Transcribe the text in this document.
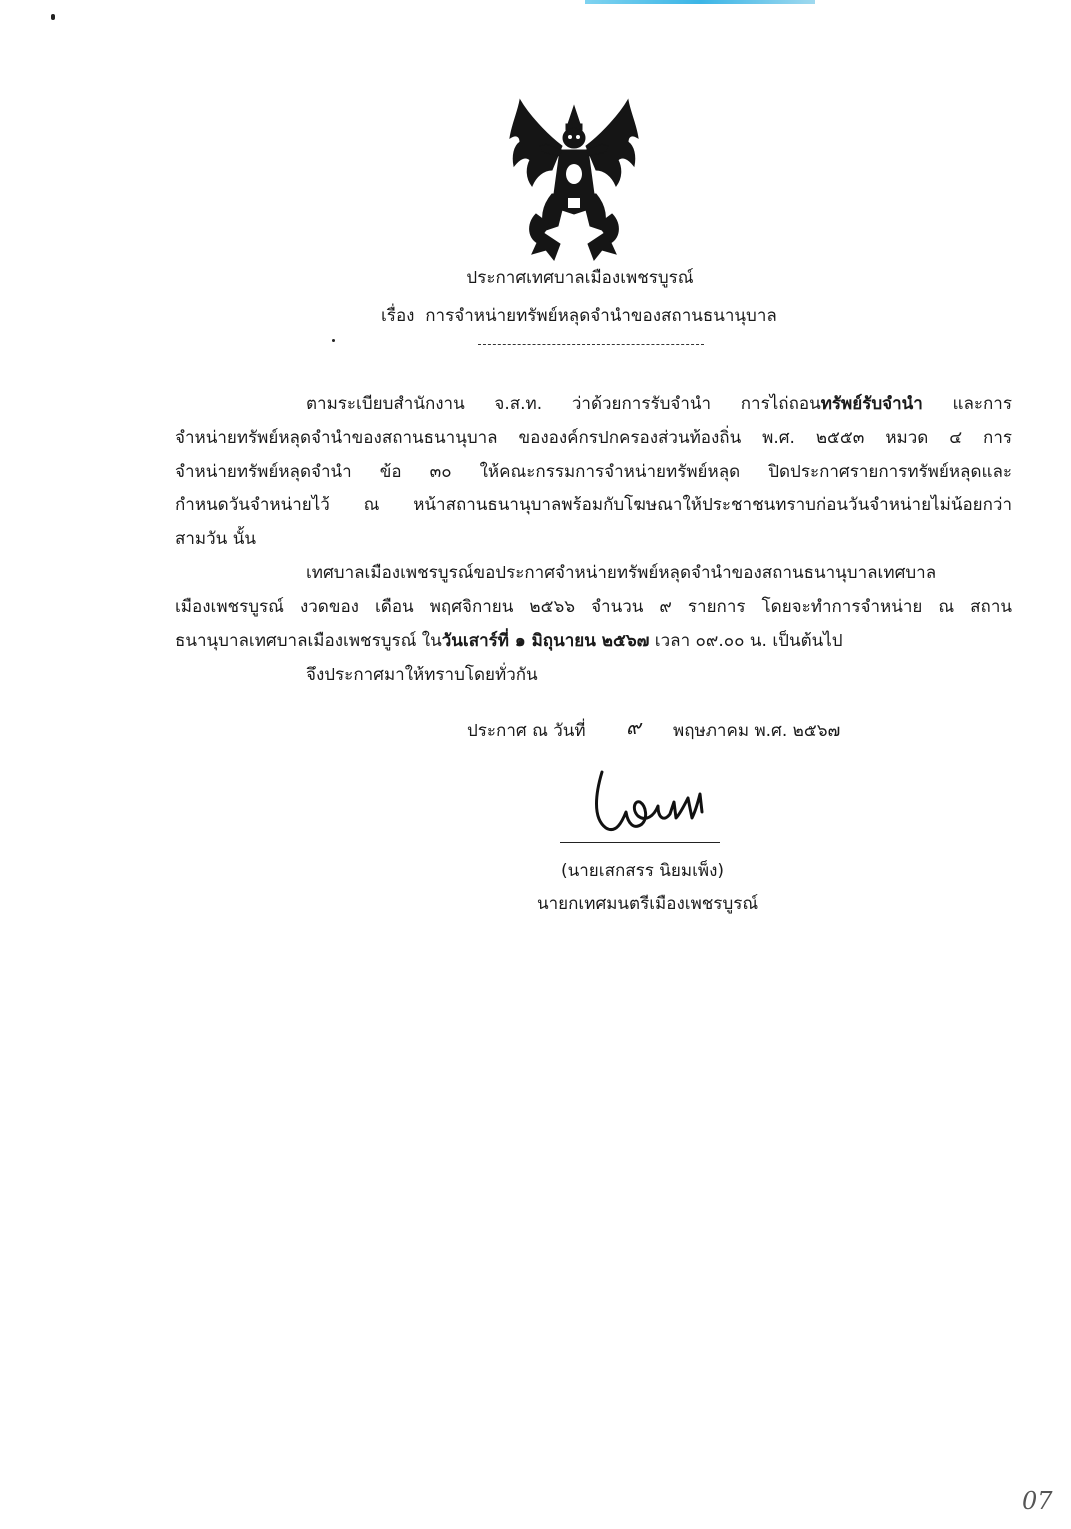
ประกาศเทศบาลเมืองเพชรบูรณ์
เรื่อง การจำหน่ายทรัพย์หลุดจำนำของสถานธนานุบาล
ตามระเบียบสำนักงาน จ.ส.ท. ว่าด้วยการรับจำนำ การไถ่ถอนทรัพย์รับจำนำ และการ
จำหน่ายทรัพย์หลุดจำนำของสถานธนานุบาล ขององค์กรปกครองส่วนท้องถิ่น พ.ศ. ๒๕๕๓ หมวด ๔ การ
จำหน่ายทรัพย์หลุดจำนำ ข้อ ๓๐ ให้คณะกรรมการจำหน่ายทรัพย์หลุด ปิดประกาศรายการทรัพย์หลุดและ
กำหนดวันจำหน่ายไว้ ณ หน้าสถานธนานุบาลพร้อมกับโฆษณาให้ประชาชนทราบก่อนวันจำหน่ายไม่น้อยกว่า
สามวัน นั้น
เทศบาลเมืองเพชรบูรณ์ขอประกาศจำหน่ายทรัพย์หลุดจำนำของสถานธนานุบาลเทศบาล
เมืองเพชรบูรณ์ งวดของ เดือน พฤศจิกายน ๒๕๖๖ จำนวน ๙ รายการ โดยจะทำการจำหน่าย ณ สถาน
ธนานุบาลเทศบาลเมืองเพชรบูรณ์ ในวันเสาร์ที่ ๑ มิถุนายน ๒๕๖๗ เวลา ๐๙.๐๐ น. เป็นต้นไป
จึงประกาศมาให้ทราบโดยทั่วกัน
ประกาศ ณ วันที่ ๙ พฤษภาคม พ.ศ. ๒๕๖๗
(นายเสกสรร นิยมเพ็ง)
นายกเทศมนตรีเมืองเพชรบูรณ์
07
